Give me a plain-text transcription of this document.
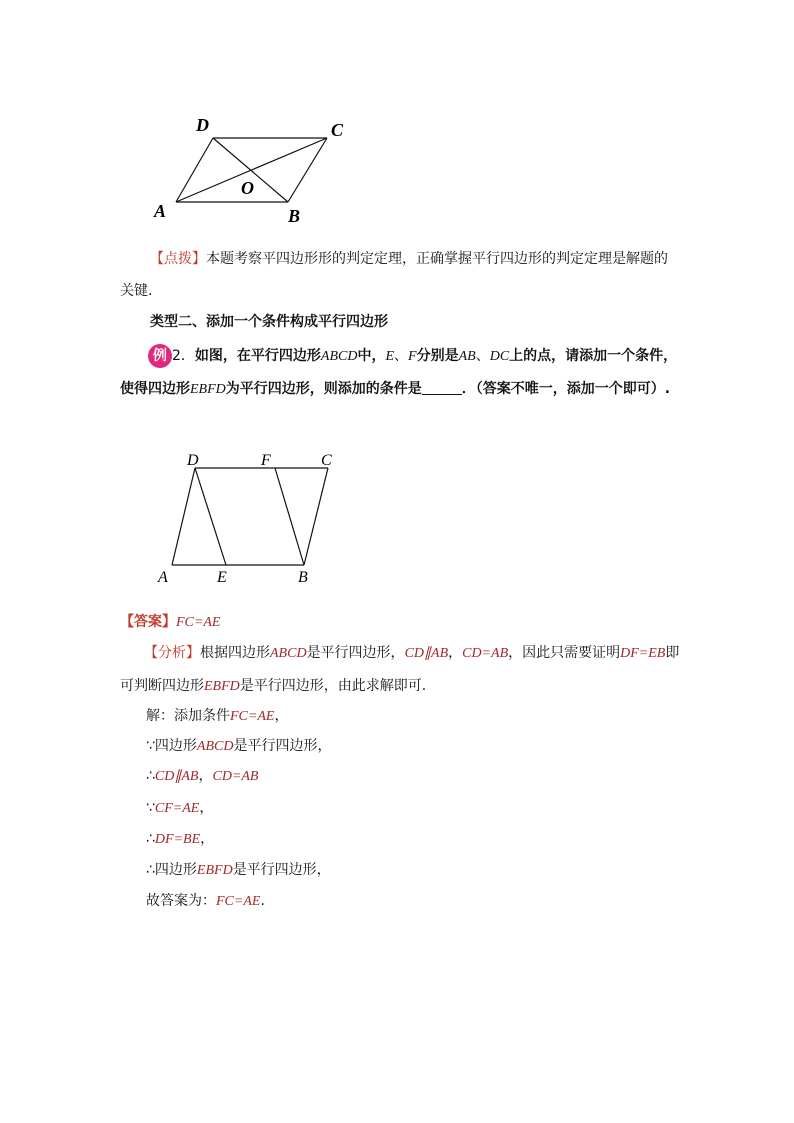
D	C
O
A	B
【点拨】本题考察平四边形形的判定定理，正确掌握平行四边形的判定定理是解题的关键.
类型二、添加一个条件构成平行四边形
例 2．如图，在平行四边形ABCD中，E、F分别是AB、DC上的点，请添加一个条件，使得四边形EBFD为平行四边形，则添加的条件是	．（答案不唯一，添加一个即可）.
D	F	C
A	E	B
【答案】FC=AE
【分析】根据四边形ABCD是平行四边形，CD∥AB，CD=AB，因此只需要证明DF=EB即可判断四边形EBFD是平行四边形，由此求解即可.
解：添加条件FC=AE，
∵四边形ABCD是平行四边形，
∴CD∥AB，CD=AB
∵CF=AE，
∴DF=BE，
∴四边形EBFD是平行四边形，
故答案为：FC=AE.
